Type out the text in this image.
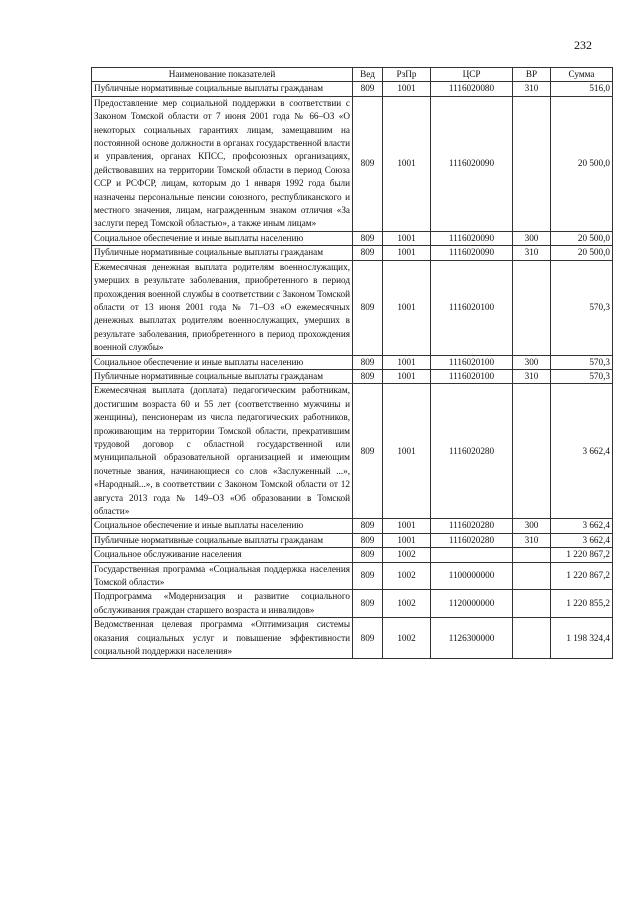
232
Наименование показателей	Вед	РзПр	ЦСР	ВР	Сумма
Публичные нормативные социальные выплаты гражданам	809	1001	1116020080	310	516,0
Предоставление мер социальной поддержки в соответствии с Законом Томской области от 7 июня 2001 года № 66–ОЗ «О некоторых социальных гарантиях лицам, замещавшим на постоянной основе должности в органах государственной власти и управления, органах КПСС, профсоюзных организациях, действовавших на территории Томской области в период Союза ССР и РСФСР, лицам, которым до 1 января 1992 года были назначены персональные пенсии союзного, республиканского и местного значения, лицам, награжденным знаком отличия «За заслуги перед Томской областью», а также иным лицам»	809	1001	1116020090		20 500,0
Социальное обеспечение и иные выплаты населению	809	1001	1116020090	300	20 500,0
Публичные нормативные социальные выплаты гражданам	809	1001	1116020090	310	20 500,0
Ежемесячная денежная выплата родителям военнослужащих, умерших в результате заболевания, приобретенного в период прохождения военной службы в соответствии с Законом Томской области от 13 июня 2001 года № 71–ОЗ «О ежемесячных денежных выплатах родителям военнослужащих, умерших в результате заболевания, приобретенного в период прохождения военной службы»	809	1001	1116020100		570,3
Социальное обеспечение и иные выплаты населению	809	1001	1116020100	300	570,3
Публичные нормативные социальные выплаты гражданам	809	1001	1116020100	310	570,3
Ежемесячная выплата (доплата) педагогическим работникам, достигшим возраста 60 и 55 лет (соответственно мужчины и женщины), пенсионерам из числа педагогических работников, проживающим на территории Томской области, прекратившим трудовой договор с областной государственной или муниципальной образовательной организацией и имеющим почетные звания, начинающиеся со слов «Заслуженный ...», «Народный...», в соответствии с Законом Томской области от 12 августа 2013 года № 149–ОЗ «Об образовании в Томской области»	809	1001	1116020280		3 662,4
Социальное обеспечение и иные выплаты населению	809	1001	1116020280	300	3 662,4
Публичные нормативные социальные выплаты гражданам	809	1001	1116020280	310	3 662,4
Социальное обслуживание населения	809	1002			1 220 867,2
Государственная программа «Социальная поддержка населения Томской области»	809	1002	1100000000		1 220 867,2
Подпрограмма «Модернизация и развитие социального обслуживания граждан старшего возраста и инвалидов»	809	1002	1120000000		1 220 855,2
Ведомственная целевая программа «Оптимизация системы оказания социальных услуг и повышение эффективности социальной поддержки населения»	809	1002	1126300000		1 198 324,4
